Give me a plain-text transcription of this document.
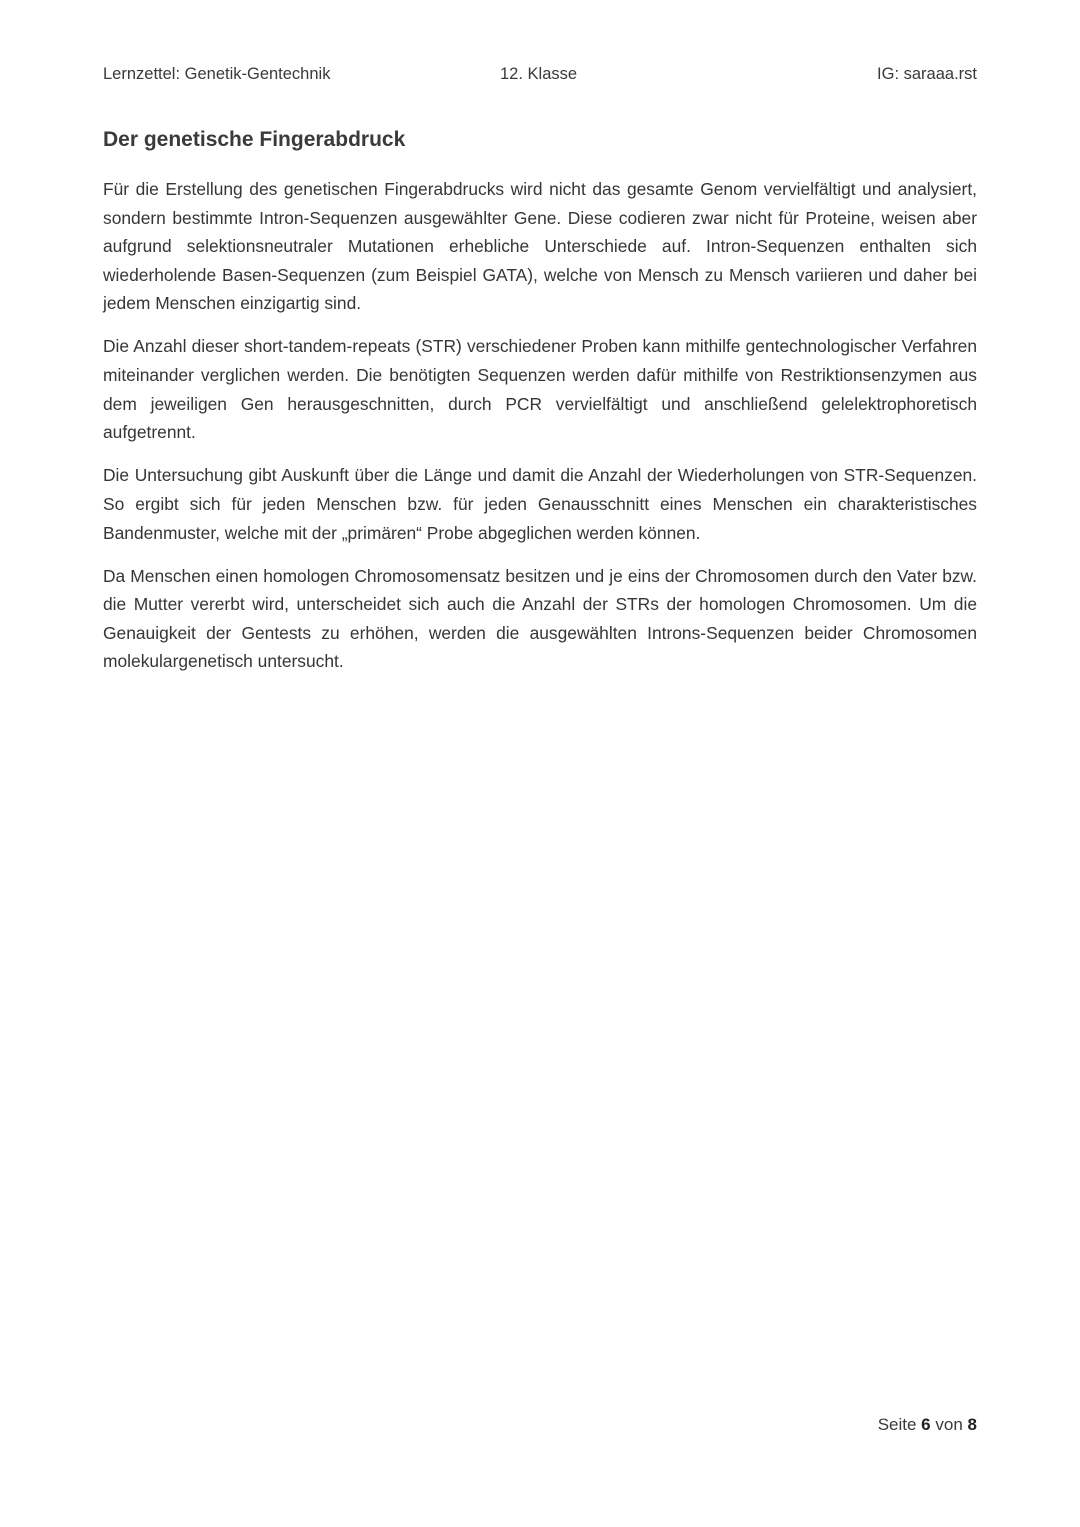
Lernzettel: Genetik-Gentechnik	12. Klasse	IG: saraaa.rst
Der genetische Fingerabdruck

Für die Erstellung des genetischen Fingerabdrucks wird nicht das gesamte Genom vervielfältigt und analysiert, sondern bestimmte Intron-Sequenzen ausgewählter Gene. Diese codieren zwar nicht für Proteine, weisen aber aufgrund selektionsneutraler Mutationen erhebliche Unterschiede auf. Intron-Sequenzen enthalten sich wiederholende Basen-Sequenzen (zum Beispiel GATA), welche von Mensch zu Mensch variieren und daher bei jedem Menschen einzigartig sind.

Die Anzahl dieser short-tandem-repeats (STR) verschiedener Proben kann mithilfe gentechnologischer Verfahren miteinander verglichen werden. Die benötigten Sequenzen werden dafür mithilfe von Restriktionsenzymen aus dem jeweiligen Gen herausgeschnitten, durch PCR vervielfältigt und anschließend gelelektrophoretisch aufgetrennt.

Die Untersuchung gibt Auskunft über die Länge und damit die Anzahl der Wiederholungen von STR-Sequenzen. So ergibt sich für jeden Menschen bzw. für jeden Genausschnitt eines Menschen ein charakteristisches Bandenmuster, welche mit der „primären“ Probe abgeglichen werden können.

Da Menschen einen homologen Chromosomensatz besitzen und je eins der Chromosomen durch den Vater bzw. die Mutter vererbt wird, unterscheidet sich auch die Anzahl der STRs der homologen Chromosomen. Um die Genauigkeit der Gentests zu erhöhen, werden die ausgewählten Introns-Sequenzen beider Chromosomen molekulargenetisch untersucht.

Seite 6 von 8
